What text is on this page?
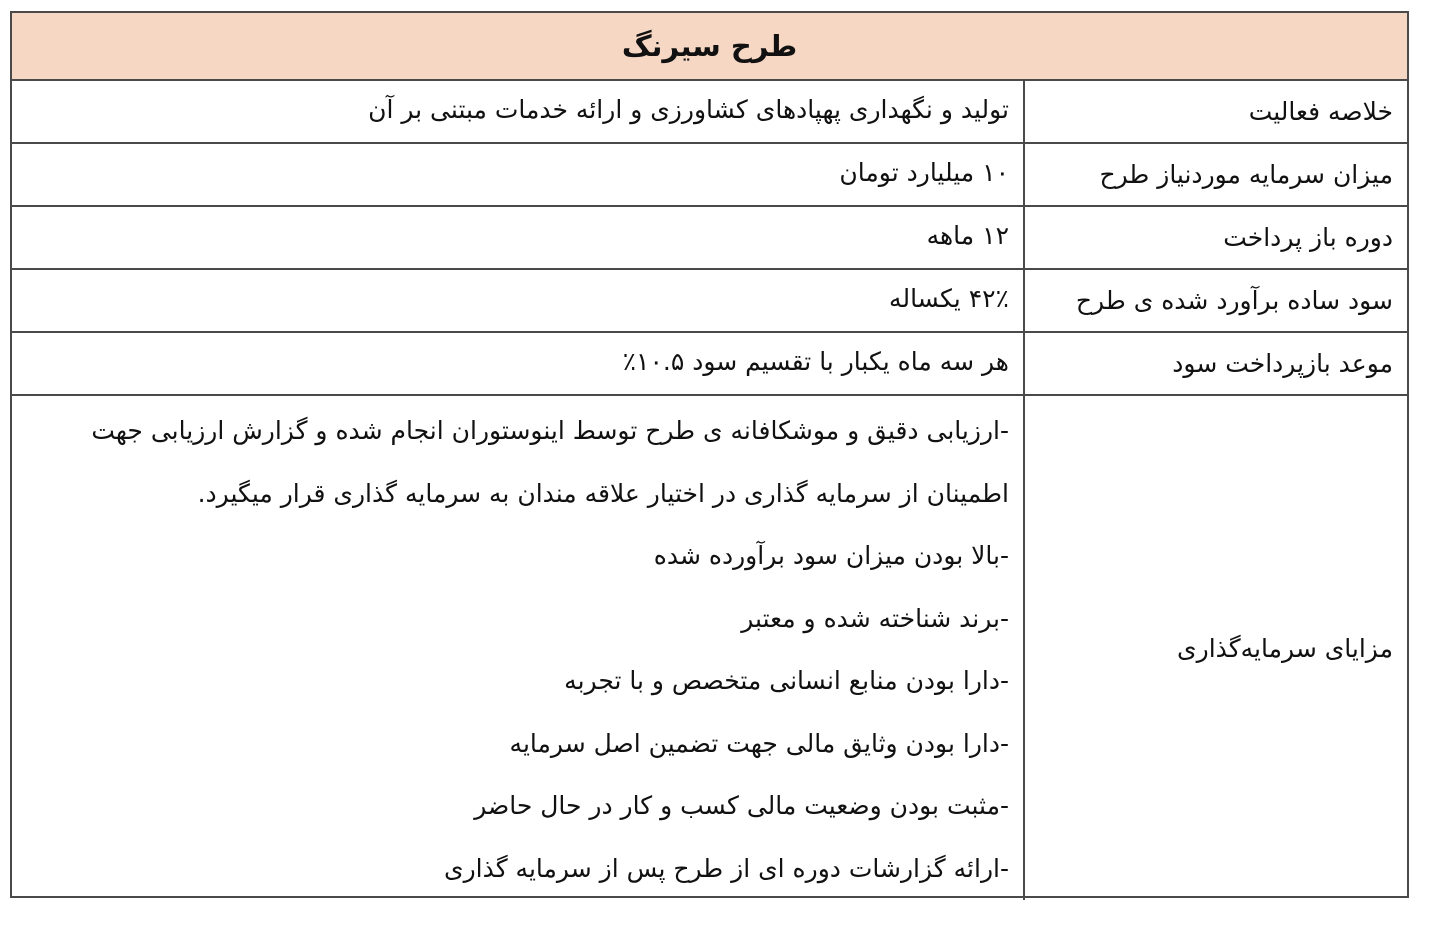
طرح سیرنگ
خلاصه فعالیت
تولید و نگهداری پهپادهای کشاورزی و ارائه خدمات مبتنی بر آن
میزان سرمایه موردنیاز طرح
۱۰ میلیارد تومان
دوره باز پرداخت
۱۲ ماهه
سود ساده برآورد شده ی طرح
۴۲٪ یکساله
موعد بازپرداخت سود
هر سه ماه یکبار با تقسیم سود ۱۰.۵٪
مزایای سرمایه‌گذاری
-ارزیابی دقیق و موشکافانه ی طرح توسط اینوستوران انجام شده و گزارش ارزیابی جهت
اطمینان از سرمایه گذاری در اختیار علاقه مندان به سرمایه گذاری قرار میگیرد.
-بالا بودن میزان سود برآورده شده
-برند شناخته شده و معتبر
-دارا بودن منابع انسانی متخصص و با تجربه
-دارا بودن وثایق مالی جهت تضمین اصل سرمایه
-مثبت بودن وضعیت مالی کسب و کار در حال حاضر
-ارائه گزارشات دوره ای از طرح پس از سرمایه گذاری
